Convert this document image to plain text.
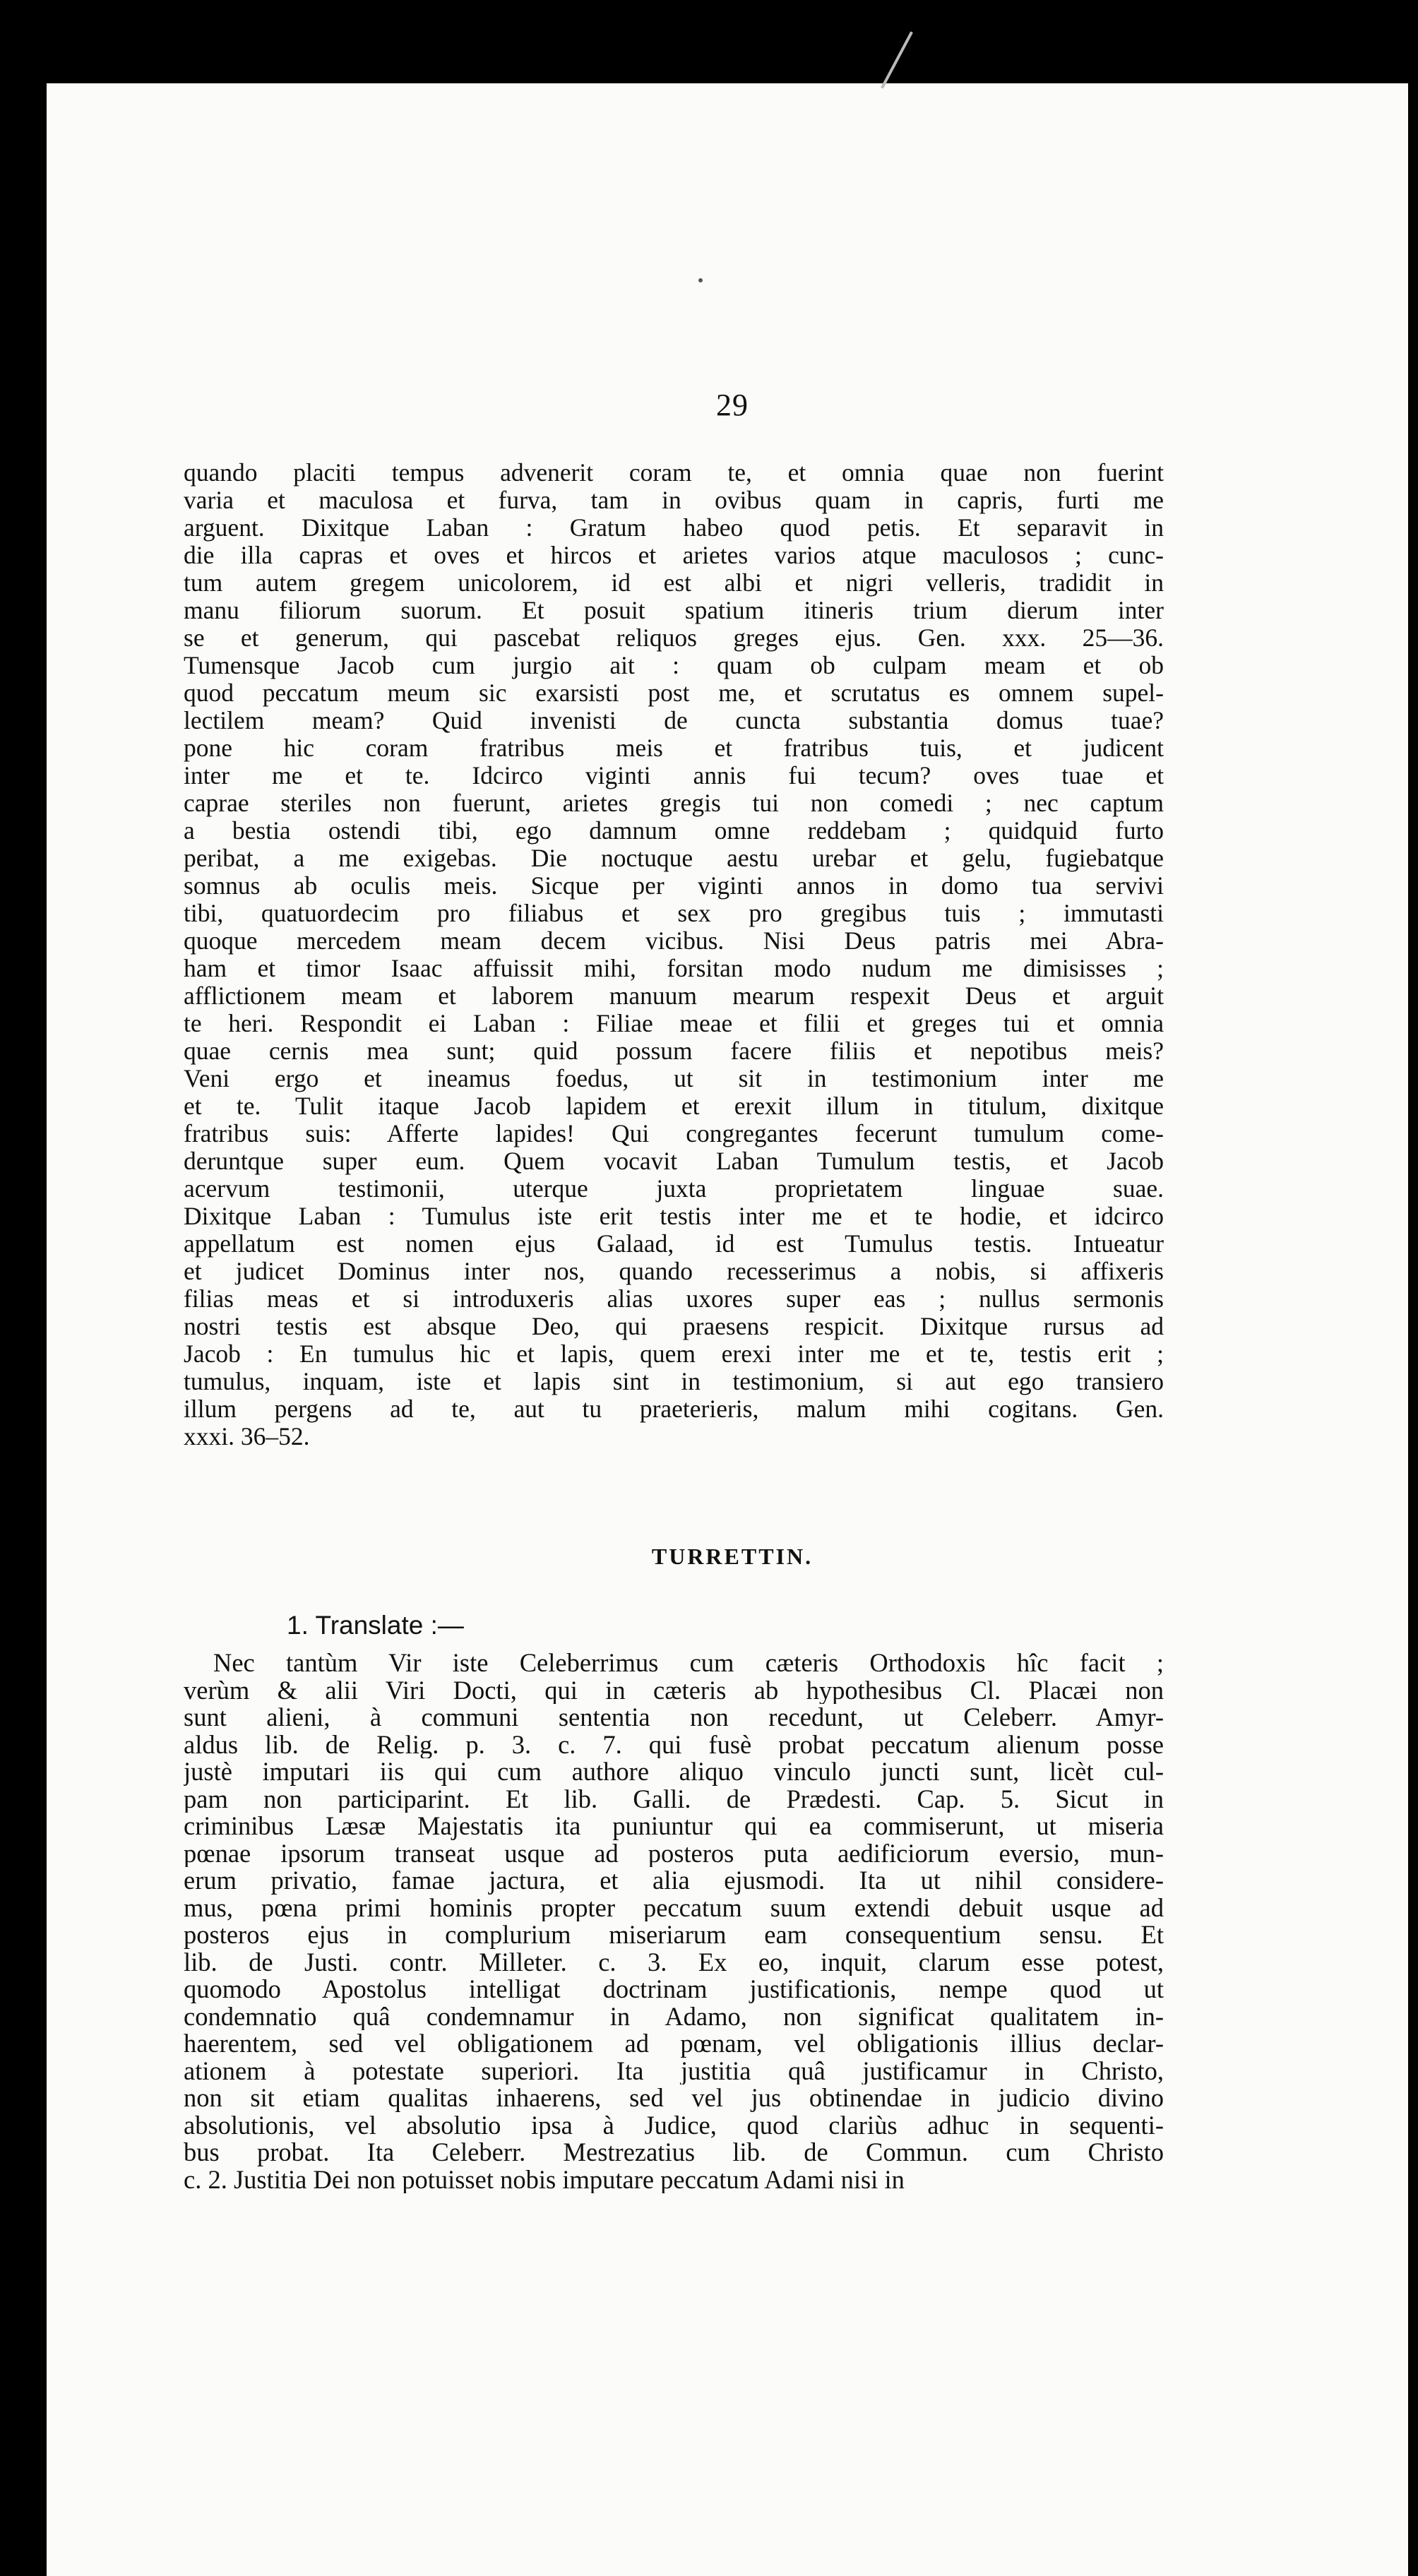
29
quando placiti tempus advenerit coram te, et omnia quae non fuerint
varia et maculosa et furva, tam in ovibus quam in capris, furti me
arguent. Dixitque Laban : Gratum habeo quod petis. Et separavit in
die illa capras et oves et hircos et arietes varios atque maculosos ; cunc-
tum autem gregem unicolorem, id est albi et nigri velleris, tradidit in
manu filiorum suorum. Et posuit spatium itineris trium dierum inter
se et generum, qui pascebat reliquos greges ejus. Gen. xxx. 25—36.
Tumensque Jacob cum jurgio ait : quam ob culpam meam et ob
quod peccatum meum sic exarsisti post me, et scrutatus es omnem supel-
lectilem meam? Quid invenisti de cuncta substantia domus tuae?
pone hic coram fratribus meis et fratribus tuis, et judicent
inter me et te. Idcirco viginti annis fui tecum? oves tuae et
caprae steriles non fuerunt, arietes gregis tui non comedi ; nec captum
a bestia ostendi tibi, ego damnum omne reddebam ; quidquid furto
peribat, a me exigebas. Die noctuque aestu urebar et gelu, fugiebatque
somnus ab oculis meis. Sicque per viginti annos in domo tua servivi
tibi, quatuordecim pro filiabus et sex pro gregibus tuis ; immutasti
quoque mercedem meam decem vicibus. Nisi Deus patris mei Abra-
ham et timor Isaac affuissit mihi, forsitan modo nudum me dimisisses ;
afflictionem meam et laborem manuum mearum respexit Deus et arguit
te heri. Respondit ei Laban : Filiae meae et filii et greges tui et omnia
quae cernis mea sunt; quid possum facere filiis et nepotibus meis?
Veni ergo et ineamus foedus, ut sit in testimonium inter me
et te. Tulit itaque Jacob lapidem et erexit illum in titulum, dixitque
fratribus suis: Afferte lapides! Qui congregantes fecerunt tumulum come-
deruntque super eum. Quem vocavit Laban Tumulum testis, et Jacob
acervum testimonii, uterque juxta proprietatem linguae suae.
Dixitque Laban : Tumulus iste erit testis inter me et te hodie, et idcirco
appellatum est nomen ejus Galaad, id est Tumulus testis. Intueatur
et judicet Dominus inter nos, quando recesserimus a nobis, si affixeris
filias meas et si introduxeris alias uxores super eas ; nullus sermonis
nostri testis est absque Deo, qui praesens respicit. Dixitque rursus ad
Jacob : En tumulus hic et lapis, quem erexi inter me et te, testis erit ;
tumulus, inquam, iste et lapis sint in testimonium, si aut ego transiero
illum pergens ad te, aut tu praeterieris, malum mihi cogitans. Gen.
xxxi. 36–52.
TURRETTIN.
1. Translate :—
Nec tantùm Vir iste Celeberrimus cum cæteris Orthodoxis hîc facit ;
verùm & alii Viri Docti, qui in cæteris ab hypothesibus Cl. Placæi non
sunt alieni, à communi sententia non recedunt, ut Celeberr. Amyr-
aldus lib. de Relig. p. 3. c. 7. qui fusè probat peccatum alienum posse
justè imputari iis qui cum authore aliquo vinculo juncti sunt, licèt cul-
pam non participarint. Et lib. Galli. de Prædesti. Cap. 5. Sicut in
criminibus Læsæ Majestatis ita puniuntur qui ea commiserunt, ut miseria
pœnae ipsorum transeat usque ad posteros puta aedificiorum eversio, mun-
erum privatio, famae jactura, et alia ejusmodi. Ita ut nihil considere-
mus, pœna primi hominis propter peccatum suum extendi debuit usque ad
posteros ejus in complurium miseriarum eam consequentium sensu. Et
lib. de Justi. contr. Milleter. c. 3. Ex eo, inquit, clarum esse potest,
quomodo Apostolus intelligat doctrinam justificationis, nempe quod ut
condemnatio quâ condemnamur in Adamo, non significat qualitatem in-
haerentem, sed vel obligationem ad pœnam, vel obligationis illius declar-
ationem à potestate superiori. Ita justitia quâ justificamur in Christo,
non sit etiam qualitas inhaerens, sed vel jus obtinendae in judicio divino
absolutionis, vel absolutio ipsa à Judice, quod clariùs adhuc in sequenti-
bus probat. Ita Celeberr. Mestrezatius lib. de Commun. cum Christo
c. 2. Justitia Dei non potuisset nobis imputare peccatum Adami nisi in
